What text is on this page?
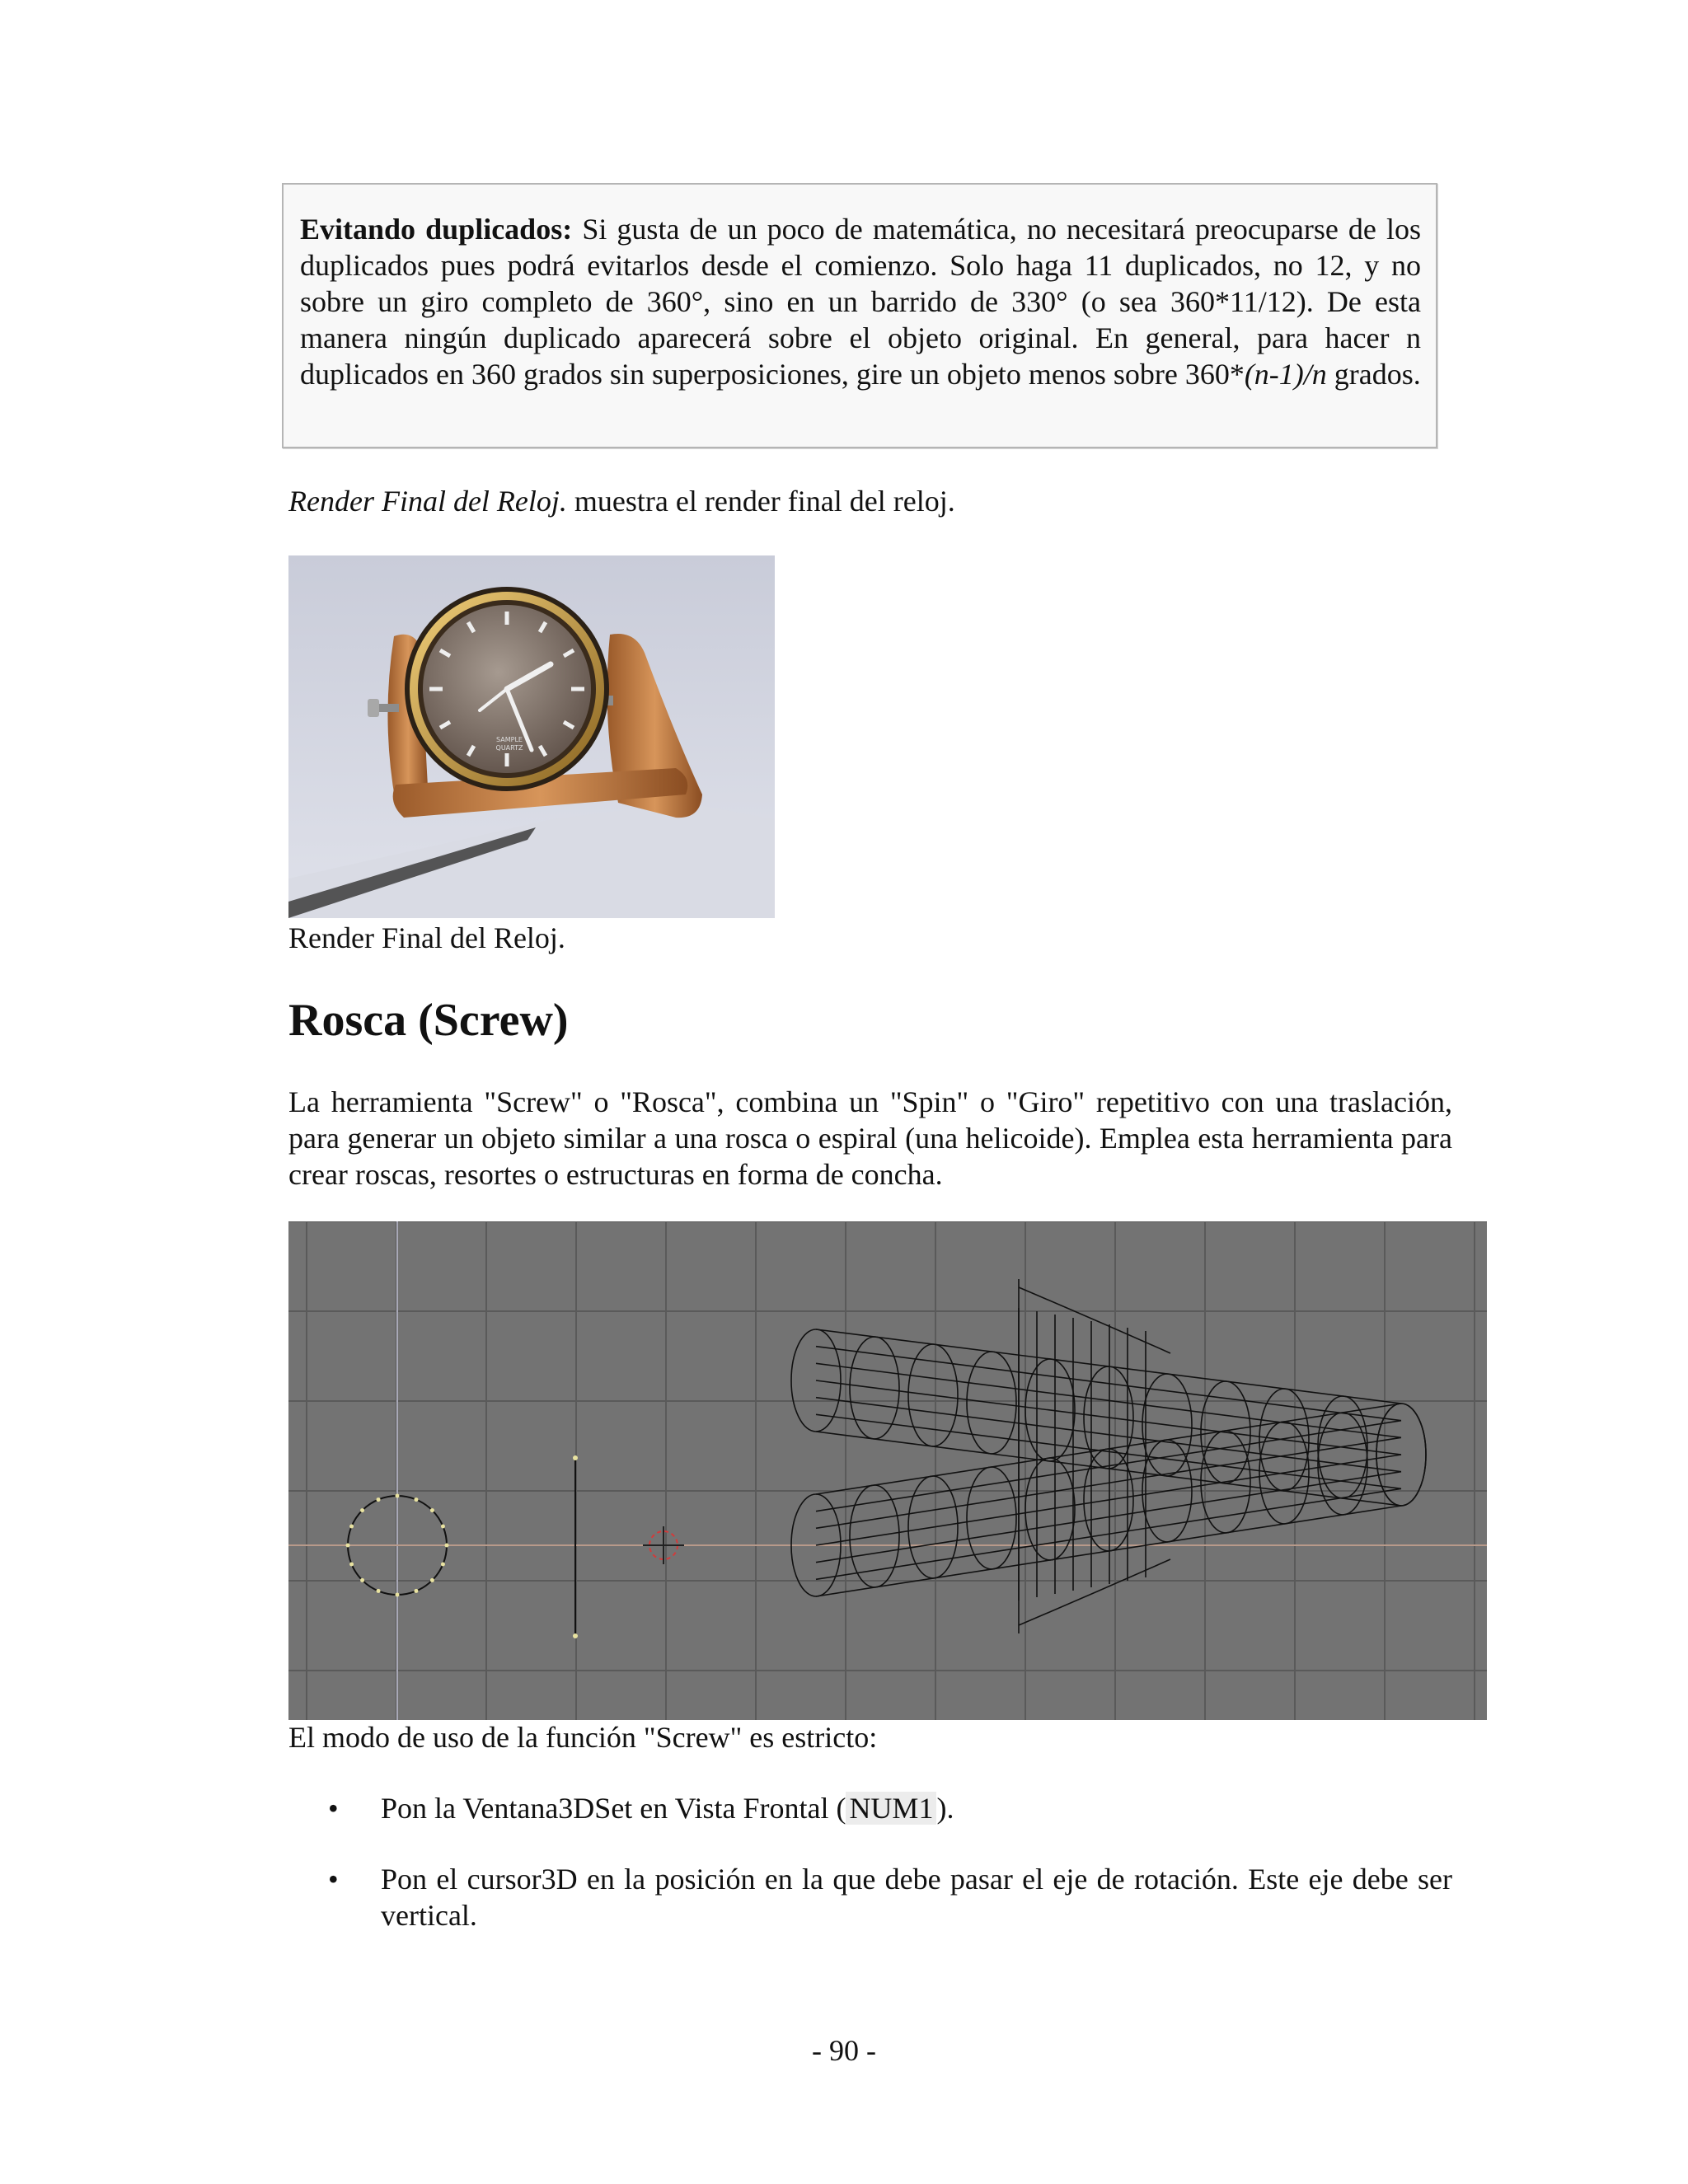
Evitando duplicados: Si gusta de un poco de matemática, no necesitará preocuparse de los duplicados pues podrá evitarlos desde el comienzo. Solo haga 11 duplicados, no 12, y no sobre un giro completo de 360°, sino en un barrido de 330° (o sea 360*11/12). De esta manera ningún duplicado aparecerá sobre el objeto original. En general, para hacer n duplicados en 360 grados sin superposiciones, gire un objeto menos sobre 360*(n-1)/n grados.
Render Final del Reloj. muestra el render final del reloj.
SAMPLE
QUARTZ
Render Final del Reloj.
Rosca (Screw)
La herramienta "Screw" o "Rosca", combina un "Spin" o "Giro" repetitivo con una traslación, para generar un objeto similar a una rosca o espiral (una helicoide). Emplea esta herramienta para crear roscas, resortes o estructuras en forma de concha.
El modo de uso de la función "Screw" es estricto:
• Pon la Ventana3DSet en Vista Frontal ( NUM1 ).
• Pon el cursor3D en la posición en la que debe pasar el eje de rotación. Este eje debe ser vertical.
- 90 -
